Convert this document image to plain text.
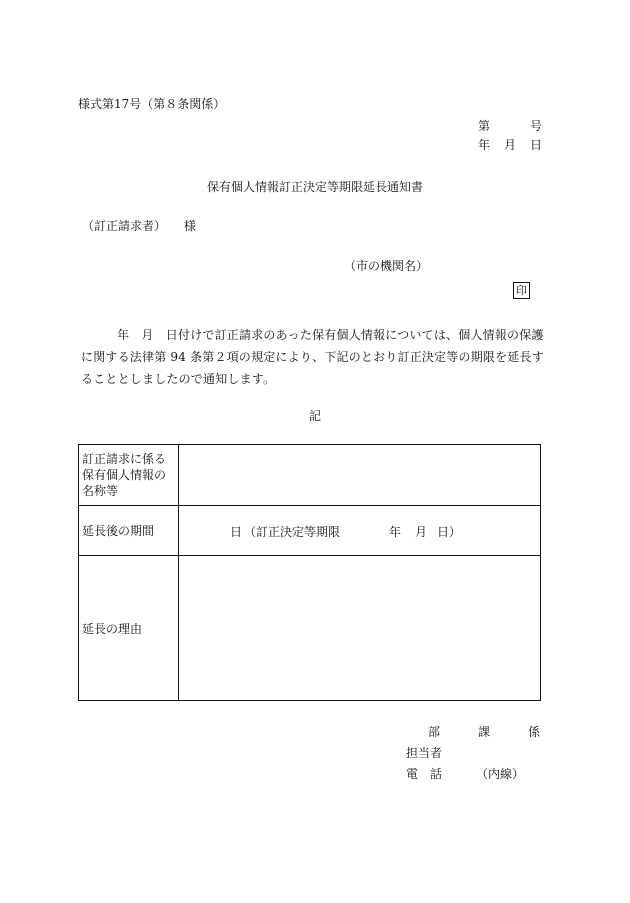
様式第17号（第８条関係）
第	号
年 月 日
保有個人情報訂正決定等期限延長通知書
（訂正請求者） 様
（市の機関名）
印
年　月　日付けで訂正請求のあった保有個人情報については、個人情報の保護に関する法律第 94 条第２項の規定により、下記のとおり訂正決定等の期限を延長することとしましたので通知します。
記
訂正請求に係る保有個人情報の名称等	
延長後の期間	日 （訂正決定等期限 年 月 日）

延長の理由	
部	課	係
担当者
電　話	（内線）
